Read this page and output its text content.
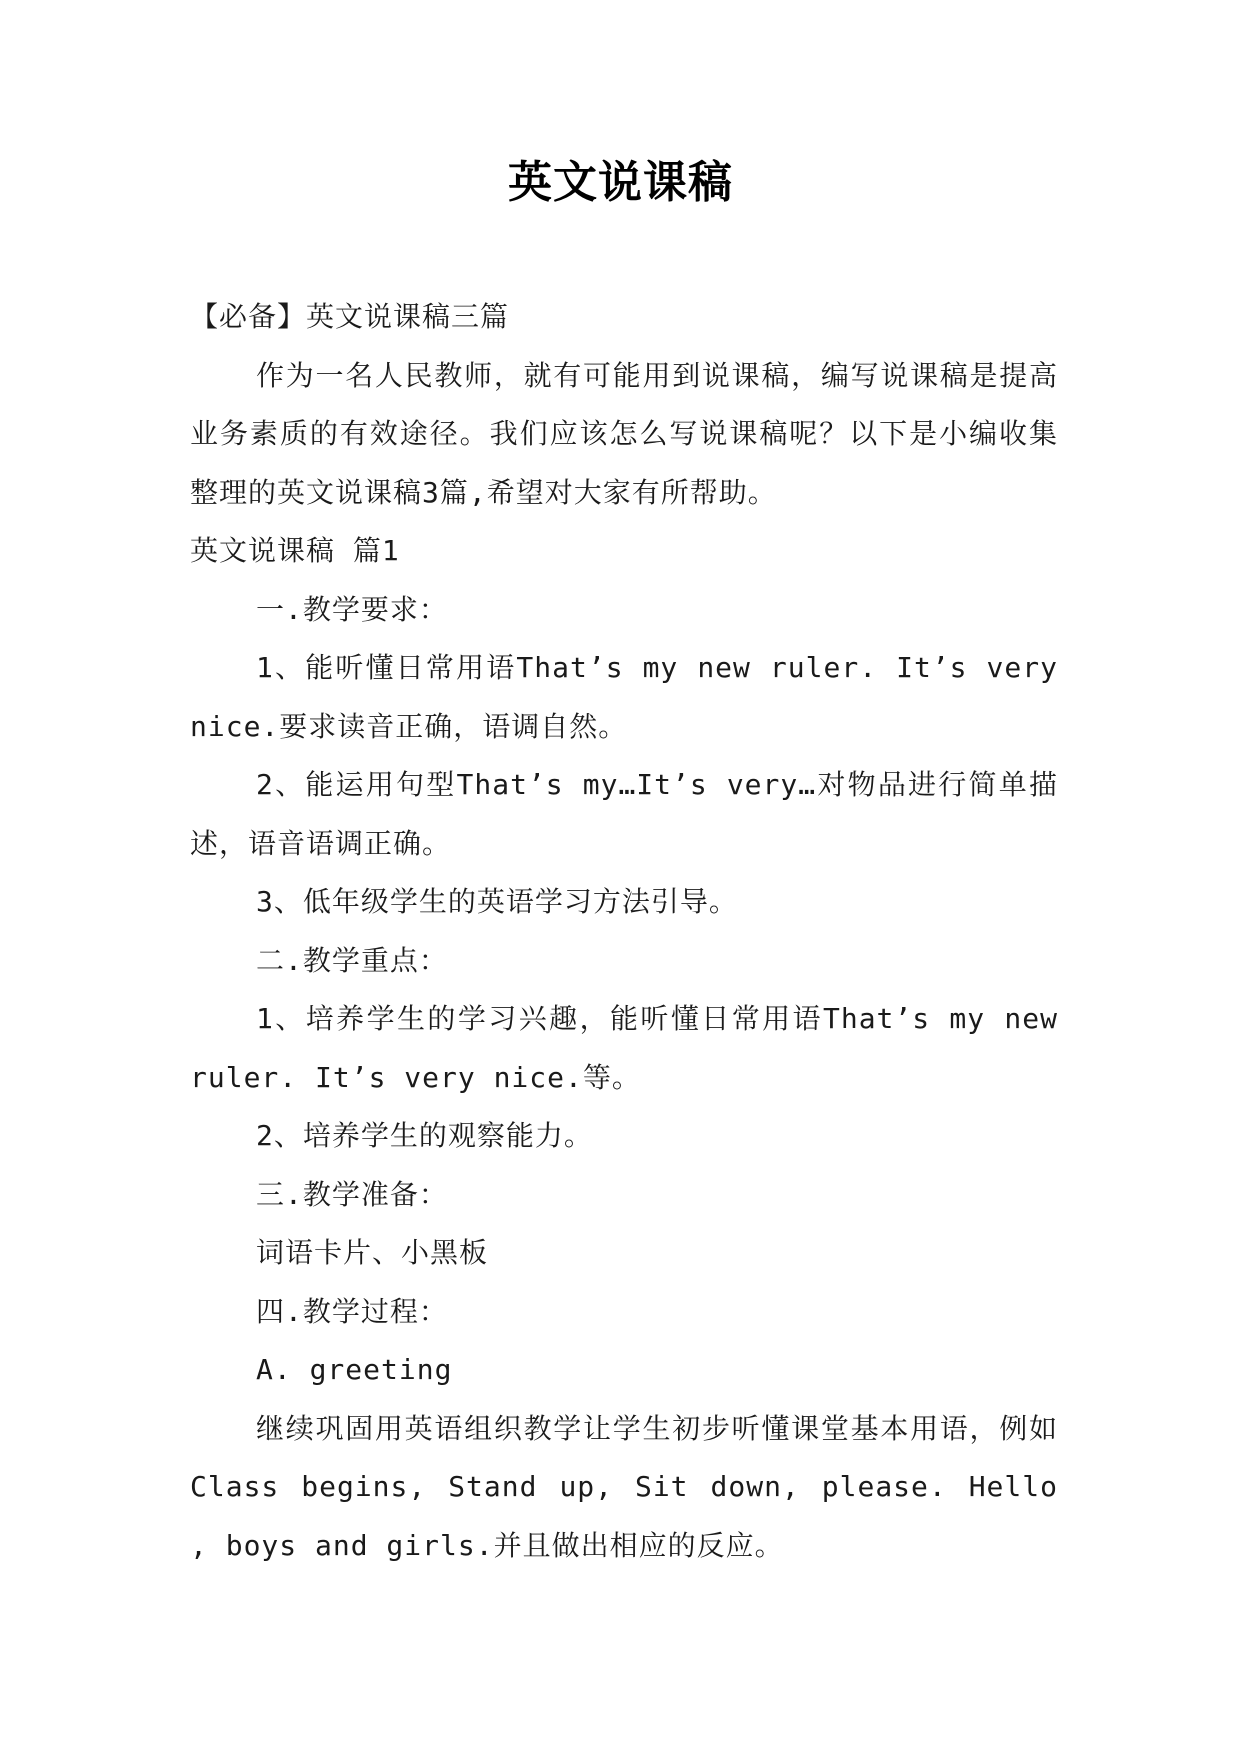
英文说课稿

【必备】英文说课稿三篇

作为一名人民教师，就有可能用到说课稿，编写说课稿是提高业务素质的有效途径。我们应该怎么写说课稿呢？以下是小编收集整理的英文说课稿3篇,希望对大家有所帮助。

英文说课稿 篇1

一.教学要求：

1、能听懂日常用语That’s my new ruler. It’s very nice.要求读音正确，语调自然。

2、能运用句型That’s my…It’s very…对物品进行简单描述，语音语调正确。

3、低年级学生的英语学习方法引导。

二.教学重点：

1、培养学生的学习兴趣，能听懂日常用语That’s my new ruler. It’s very nice.等。

2、培养学生的观察能力。

三.教学准备：

词语卡片、小黑板

四.教学过程：

A. greeting

继续巩固用英语组织教学让学生初步听懂课堂基本用语，例如Class begins, Stand up, Sit down, please. Hello , boys and girls.并且做出相应的反应。
